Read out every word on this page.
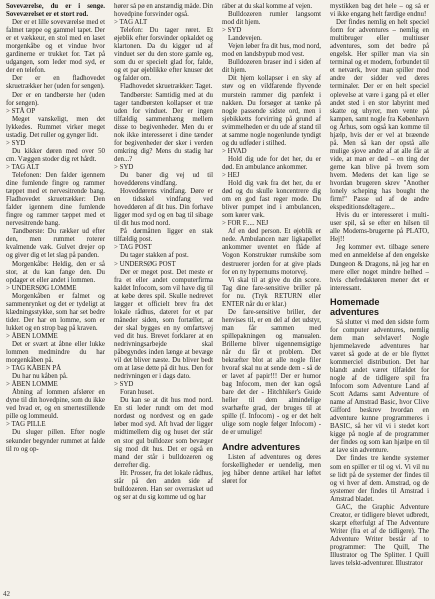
Soveværelse, du er i senge. Soveværelset er et stort rod.

Der er et lille soveværelse med et falmet tæppe og gammel tapet. Der er et vækkeur, en stol med en laset morgenkåbe og et vindue hvor gardinerne er trukket for. Tæt på udgangen, som leder mod syd, er der en telefon.

Der er en fladhovedet skruetrækker her (uden for sengen).

Der er en tandbørste her (uden for sengen).

> STÅ OP

Meget vanskeligt, men det lykkedes. Rummet virker meget ustadig. Det ruller og gynger lidt.

> SYD

Du kikker døren med over 50 cm. Væggen stoder dig ret hårdt.

> TAG ALT

Telefonen: Den falder igennem dine fumlende fingre og rammer tæppet med et nervesitrende bang. Fladhovedet skruetrækker: Den falder igennem dine fumlende fingre og rammer tæppet med et nervesitrende bang.

Tandbørste: Du rækker ud efter den, men rummet roterer kvalmende væk. Gulvet drejer op og giver dig et let slag på panden.

Morgenkåbe: Heldig, den er så stor, at du kan fange den. Du opdager et eller andet i lommen.

> UNDERSØG LOMME

Morgenkåben er falmet og sammenrynket og det er tydeligt at klædningsstykke, som har set bedre tider. Der har en lomme, som er lukket og en strop bag på kraven.

> ÅBEN LOMME

Det er svært at åbne eller lukke lommen medmindre du har morgenkåben på.

> TAG KÅBEN PÅ

Du har nu kåben på.

> ÅBEN LOMME

Åbning af lommen afslører en dyne til din hovedpine, som du ikke ved hvad er, og en smertestillende pille og lommeuld.

> TAG PILLE

Du sluger pillen. Efter nogle sekunder begynder rummet at falde til ro og op-

hører så pø en anstændig måde. Din hovedpine forsvinder også.

> TAG ALT

Telefon: Du tager røret. Et øjeblik efter forsvinder opkaldet og klartonen. Da du kigger ud af vinduet ser du den store gamle eg, som du er specielt glad for, falde, og et par øjeblikke efter knuser det og falder om.

Fladhovedet skruetrækker: Taget.

Tandbørste: Samtidig med at du tager tandbørsten kollapser et træ uden for vinduet. Der er ingen tilfældig sammenhæng mellem disse to begivenheder. Men du er nok ikke interesseret i dine tænder for begivenheder der sker i verden omkring dig? Mens du stadig har den...?

> SYD

Du baner dig vej ud til hoveddørens vindfang.

Hoveddørens vindfang. Døre er en tidsskel vindfang ved hoveddøren af dit hus. Din forhave ligger mod syd og en bag til sibage til dit hus mod nord.

På dørmåtten ligger en stak tilfældig post.

> TAG POST

Du tager stakken af post.

> UNDERSØG POST

Der er meget post. Det meste er fra et eller andet computerfirma kaldet Infocom, som vil have dig til at købe deres spil. Skulle nedrevet lægger et officielt brev fra det lokale rådhus, dateret for et par måneder siden, som fortæller, at der skal bygges en ny omfartsvej ved dit hus. Brevet forklarer at en nedrivningsarbejde skal påbegyndes inden længe at bevæge vil det bliver næste. Du bliver bedt om at læse dette på dit hus. Den for nedrivningen er i dags dato.

> SYD

Foran huset.

Du kan se at dit hus mod nord. En sti leder rundt om det mod nordøst og nordvest og en gade løber mod syd. Aft hvad der ligger midtimellem dig og huset der står en stor gul bulldozer som bevæger sig mod dit hus. Det er også en mand der står i bulldozeren og derrefter dig.

Hr. Prosser, fra det lokale rådhus, står på den anden side af bulldozeren. Han ser overrasket ud og ser at du sig komme ud og har

råber at du skal komme af vejen.

Bulldozeren rumler langsomt mod dit hjem.

> SYD

Landevejen.

Vejen løber fra dit hus, mod nord, mod en landsbypub mod vest.

Bulldozeren braser ind i siden af dit hjem.

Dit hjem kollapser i en sky af støv og en vildfarende flyvende murstein rammer dig pænfekt i nakken. Du forsøger at tænke på nogle passende sidste ord, men i sjebikketts forvirring på grund af svimmelheden er du ude af stand til at samme nogle nogenlunde tyndigt og du udføder i stilhed.

> HVAD

Hold dig ude for det her, du er død. En ambulance ankommer.

> HEJ

Hold dig væk fra det her, du er død og du skulle koncentrere dig om en god fast reger mode. Du bliver pumpet ind i ambulancen, som kører væk.

> FOR F..... NEJ

Af en død person. Et øjeblik er nede. Ambulancen nær ligkapellet ankommer uventet en flåde af Vogon Konstruktør rumskibe som destruerer jorden for at give plads for en ny hypernums motorvej.

Vi skal til at give du din score. Tag dine fare-sensitive briller på for nu. (Tryk RETURN eller ENTER når du er klar.)

De fare-sensitive briller, der henvises til, er en del af det udstyr, man får sammen med spillepakningen og manualen. Brillerne bliver uigennemsigtige når du får et problem. Det bekræfter blot at alle nogle filer hvoraf skal nu at sende dem - så de er lavet af papir!!! Der er humor bag Infocom, men der kan også bare det der - Hitchhiker's Guide heller til dem almindelige svarhæfte grad, der bruges til at spille (f. Infocom) - og er det helt ulige som nogle følger Infocom) - de er umulige!

Andre adventures

Listen af adventures og deres forskelligheder er uendelig, men jeg håber denne artikel har løftet sløret for

mystikken bag det hele – og så er vi ikke engang helt færdige endnu!

Der findes nemlig en helt speciel form for adventures – nemlig en multibruger eller multiuser adventures, som det bedre på engelsk. Her spiller man via sin terminal og et modem, forbundet til et netværk, hvor man spiller mod andre der sidder ved deres terminaler. Der er en helt speciel oplevelse at være i gang på et eller andet sted i en stor labyrint med skatte og uhyrer, men vente på kampen, samt nogle fra København og Århus, som også kan komme til hjælp, hvis der er vel at bræende på. Men så kan der opstå alle mulige sjove andre af at alle får at vide, at man er død – en ting der gerne kan blive på hvem som hvem. Medens det kan lige se hvordan brugeren skrev "Another lonely scheping has bought the firm!" Passe ud af de andre ekspeditionsdeltagere...

Hvis du er interesseret i multi-user spil, så se efter en hilsen til alle Modems-brugerne på PLATO, Hej!!

Jeg kommer evt. tilbage senere med en anmeldelse af den engelske Dungeon & Dragons, nå jeg har en mere eller noget mindre helhed – hvis chefredaktøren mener det er interessant.

Homemade adventures

Så slutter vi med den sidste form for computer adventures, nemlig dem man selvlaver! Nogle hjemmelavede adventures har været så gode at de er ble flyttet kommerciel distribution. Det har blandt andet været tilfældet for nogle af de tidligere spil fra Infocom som Adventure Land af Scott Adams samt Adventure of name af Amstrad Basic, hvor Clive Gifford beskrev hvordan en adventure kunne programmeres i BASIC, så her vil vi i stedet kort kigge på nogle af de programmer der findes og som kan hjælpe en til at lave sin adventure.

Der findes tre kendte systemer som en spiller er til og vi. Vi vil nu se lidt på de systemer der findes til og vi hver af dem. Amstrad, og de systemer der findes til Amstrad i Amstrad bladet.

GAC, the Graphic Adventure Creator, er tidligere blevet udbredt, skarpt efterfulgt af The Adventure Writer (fra et af de tidligere). The Adventure Writer består af to programmer: The Quill, The Illustrator og The Splitter. I Quill laves telskt-adventurer. Illustrator

42
